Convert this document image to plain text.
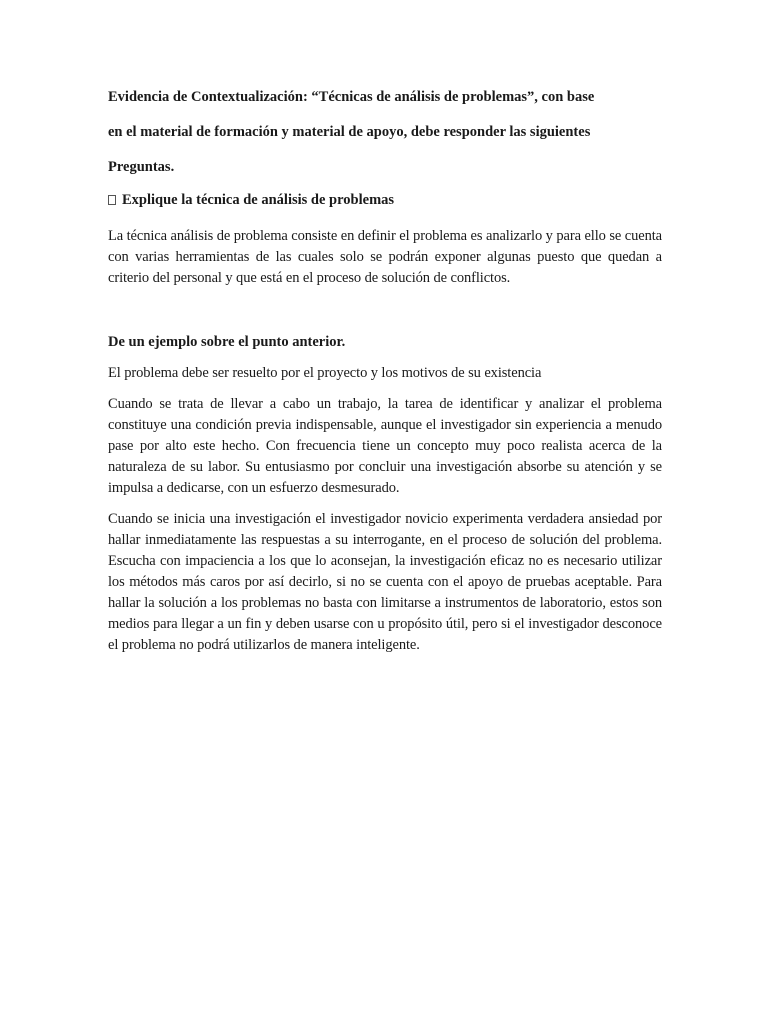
Evidencia de Contextualización: “Técnicas de análisis de problemas”, con base

en el material de formación y material de apoyo, debe responder las siguientes

Preguntas.

Explique la técnica de análisis de problemas

La técnica análisis de problema consiste en definir el problema es analizarlo y para ello se cuenta con varias herramientas de las cuales solo se podrán exponer algunas puesto que quedan a criterio del personal y que está en el proceso de solución de conflictos.

De un ejemplo sobre el punto anterior.

El problema debe ser resuelto por el proyecto y los motivos de su existencia

Cuando se trata de llevar a cabo un trabajo, la tarea de identificar y analizar el problema constituye una condición previa indispensable, aunque el investigador sin experiencia a menudo pase por alto este hecho. Con frecuencia tiene un concepto muy poco realista acerca de la naturaleza de su labor. Su entusiasmo por concluir una investigación absorbe su atención y se impulsa a dedicarse, con un esfuerzo desmesurado.

Cuando se inicia una investigación el investigador novicio experimenta verdadera ansiedad por hallar inmediatamente las respuestas a su interrogante, en el proceso de solución del problema. Escucha con impaciencia a los que lo aconsejan, la investigación eficaz no es necesario utilizar los métodos más caros por así decirlo, si no se cuenta con el apoyo de pruebas aceptable. Para hallar la solución a los problemas no basta con limitarse a instrumentos de laboratorio, estos son medios para llegar a un fin y deben usarse con u propósito útil, pero si el investigador desconoce el problema no podrá utilizarlos de manera inteligente.
